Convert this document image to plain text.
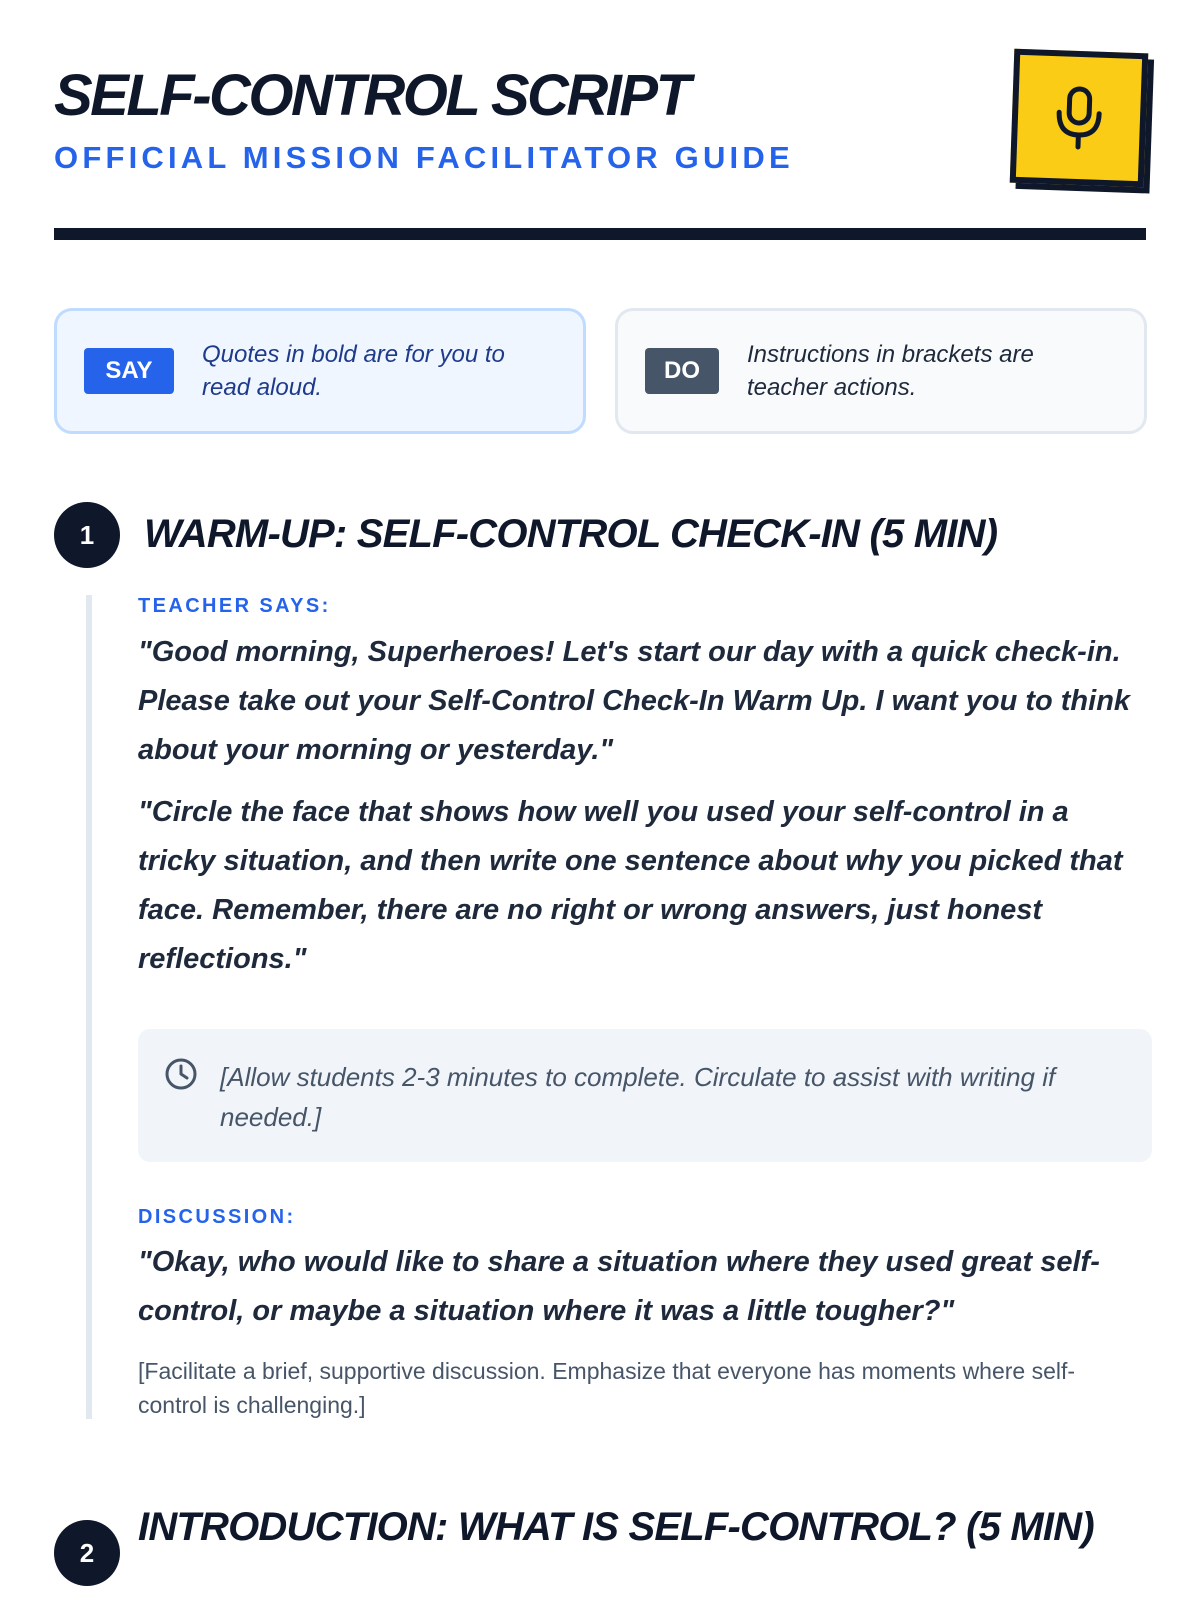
SELF-CONTROL SCRIPT
OFFICIAL MISSION FACILITATOR GUIDE
SAY
Quotes in bold are for you to read aloud.
DO
Instructions in brackets are teacher actions.
1	WARM-UP: SELF-CONTROL CHECK-IN (5 MIN)
TEACHER SAYS:

"Good morning, Superheroes! Let's start our day with a quick check-in. Please take out your Self-Control Check-In Warm Up. I want you to think about your morning or yesterday."

"Circle the face that shows how well you used your self-control in a tricky situation, and then write one sentence about why you picked that face. Remember, there are no right or wrong answers, just honest reflections."

[Allow students 2-3 minutes to complete. Circulate to assist with writing if needed.]
DISCUSSION:

"Okay, who would like to share a situation where they used great self-control, or maybe a situation where it was a little tougher?"

[Facilitate a brief, supportive discussion. Emphasize that everyone has moments where self-control is challenging.]
2
INTRODUCTION: WHAT IS SELF-CONTROL? (5 MIN)
